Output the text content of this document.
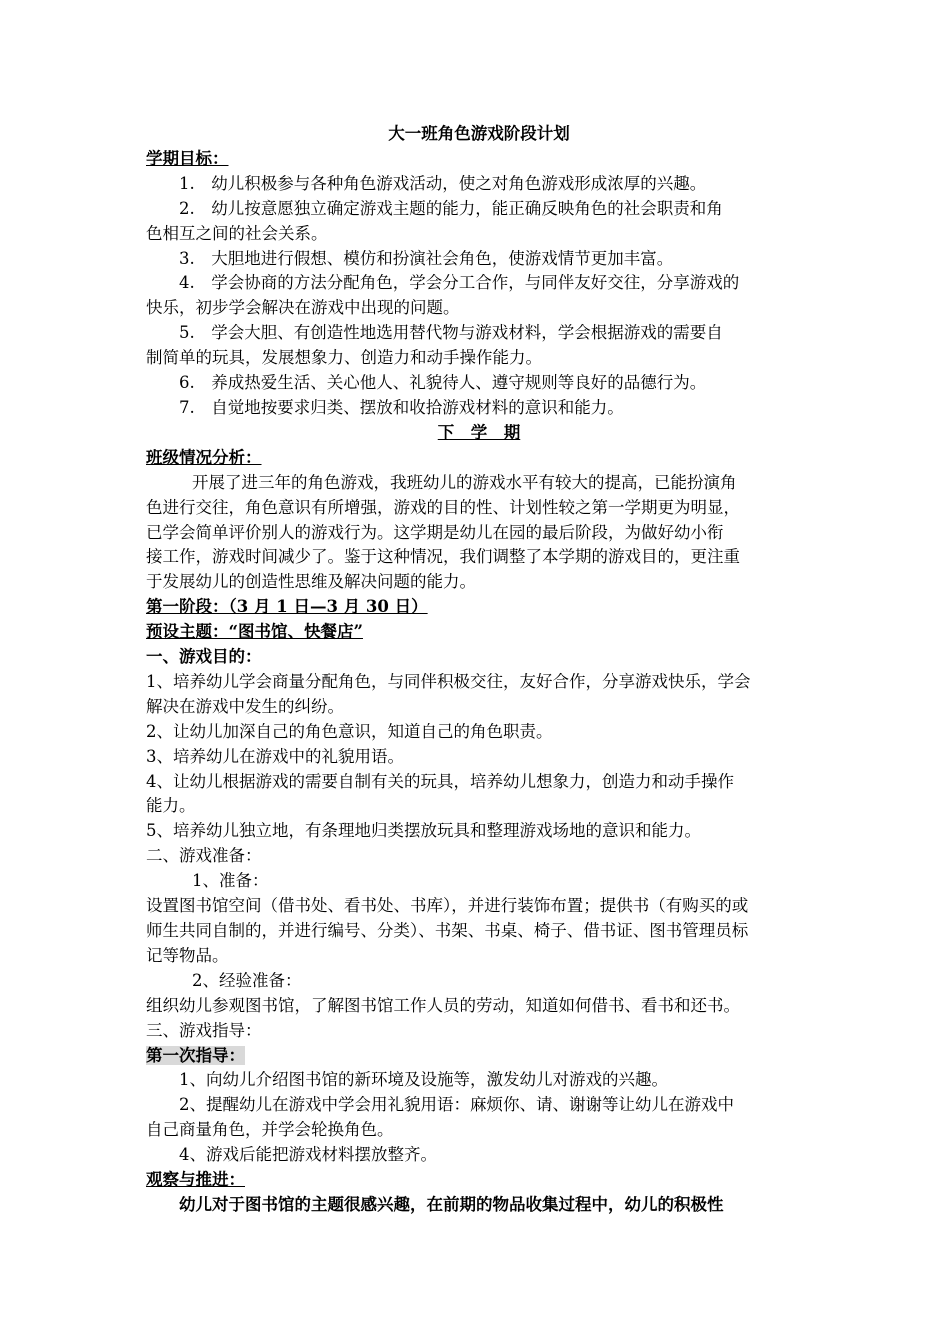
大一班角色游戏阶段计划
学期目标：
1.　幼儿积极参与各种角色游戏活动，使之对角色游戏形成浓厚的兴趣。
2.　幼儿按意愿独立确定游戏主题的能力，能正确反映角色的社会职责和角
色相互之间的社会关系。
3.　大胆地进行假想、模仿和扮演社会角色，使游戏情节更加丰富。
4.　学会协商的方法分配角色，学会分工合作，与同伴友好交往，分享游戏的
快乐，初步学会解决在游戏中出现的问题。
5.　学会大胆、有创造性地选用替代物与游戏材料，学会根据游戏的需要自
制简单的玩具，发展想象力、创造力和动手操作能力。
6.　养成热爱生活、关心他人、礼貌待人、遵守规则等良好的品德行为。
7.　自觉地按要求归类、摆放和收拾游戏材料的意识和能力。
下　学　期
班级情况分析：
开展了进三年的角色游戏，我班幼儿的游戏水平有较大的提高，已能扮演角
色进行交往，角色意识有所增强，游戏的目的性、计划性较之第一学期更为明显，
已学会简单评价别人的游戏行为。这学期是幼儿在园的最后阶段，为做好幼小衔
接工作，游戏时间减少了。鉴于这种情况，我们调整了本学期的游戏目的，更注重
于发展幼儿的创造性思维及解决问题的能力。
第一阶段：（3 月 1 日—3 月 30 日）
预设主题：“图书馆、快餐店”
一、游戏目的：
1、培养幼儿学会商量分配角色，与同伴积极交往，友好合作，分享游戏快乐，学会
解决在游戏中发生的纠纷。
2、让幼儿加深自己的角色意识，知道自己的角色职责。
3、培养幼儿在游戏中的礼貌用语。
4、让幼儿根据游戏的需要自制有关的玩具，培养幼儿想象力，创造力和动手操作
能力。
5、培养幼儿独立地，有条理地归类摆放玩具和整理游戏场地的意识和能力。
二、游戏准备：
1、准备：
设置图书馆空间（借书处、看书处、书库），并进行装饰布置；提供书（有购买的或
师生共同自制的，并进行编号、分类）、书架、书桌、椅子、借书证、图书管理员标
记等物品。
2、经验准备：
组织幼儿参观图书馆，了解图书馆工作人员的劳动，知道如何借书、看书和还书。
三、游戏指导：
第一次指导：
1、向幼儿介绍图书馆的新环境及设施等，激发幼儿对游戏的兴趣。
2、提醒幼儿在游戏中学会用礼貌用语：麻烦你、请、谢谢等让幼儿在游戏中
自己商量角色，并学会轮换角色。
4、游戏后能把游戏材料摆放整齐。
观察与推进：
幼儿对于图书馆的主题很感兴趣，在前期的物品收集过程中，幼儿的积极性
